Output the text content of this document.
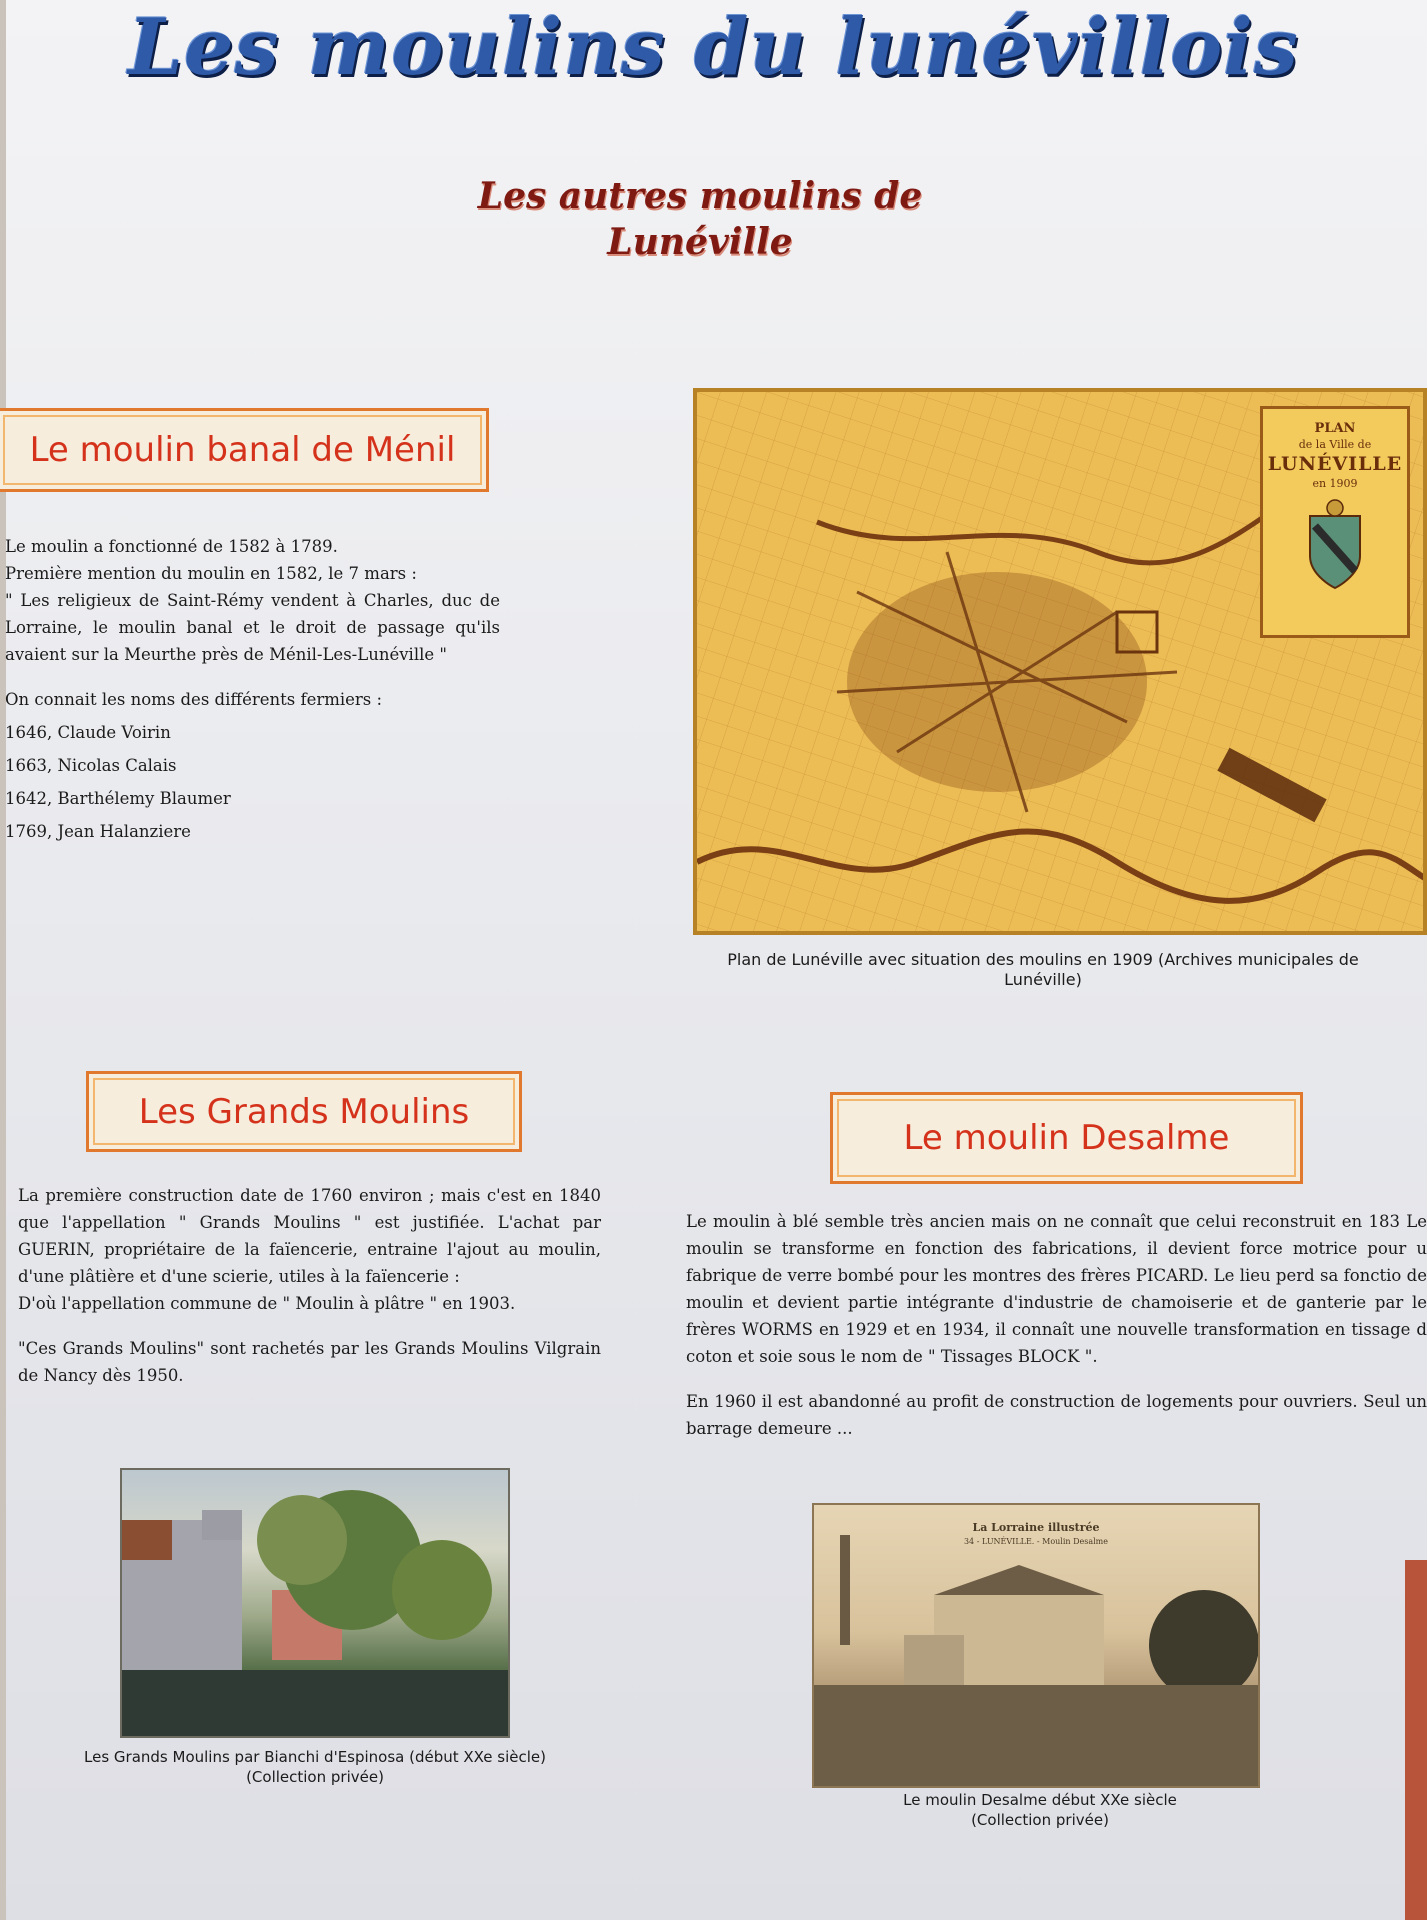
Les moulins du lunévillois
Les autres moulins de
Lunéville
Le moulin banal de Ménil

Le moulin a fonctionné de 1582 à 1789.

Première mention du moulin en 1582, le 7 mars :

" Les religieux de Saint-Rémy vendent à Charles, duc de Lorraine, le moulin banal et le droit de passage qu'ils avaient sur la Meurthe près de Ménil-Les-Lunéville "

On connait les noms des différents fermiers :

1646, Claude Voirin

1663, Nicolas Calais

1642, Barthélemy Blaumer

1769, Jean Halanziere

PLAN
de la Ville de
LUNÉVILLE
en 1909
Plan de Lunéville avec situation des moulins en 1909 (Archives municipales de Lunéville)
Les Grands Moulins

La première construction date de 1760 environ ; mais c'est en 1840 que l'appellation " Grands Moulins " est justifiée. L'achat par GUERIN, propriétaire de la faïencerie, entraine l'ajout au moulin, d'une plâtière et d'une scierie, utiles à la faïencerie :

D'où l'appellation commune de " Moulin à plâtre " en 1903.

"Ces Grands Moulins" sont rachetés par les Grands Moulins Vilgrain de Nancy dès 1950.

Les Grands Moulins par Bianchi d'Espinosa (début XXe siècle)
(Collection privée)
Le moulin Desalme

Le moulin à blé semble très ancien mais on ne connaît que celui reconstruit en 183 Le moulin se transforme en fonction des fabrications, il devient force motrice pour u fabrique de verre bombé pour les montres des frères PICARD. Le lieu perd sa fonctio de moulin et devient partie intégrante d'industrie de chamoiserie et de ganterie par le frères WORMS en 1929 et en 1934, il connaît une nouvelle transformation en tissage d coton et soie sous le nom de " Tissages BLOCK ".

En 1960 il est abandonné au profit de construction de logements pour ouvriers. Seul un barrage demeure ...

La Lorraine illustrée
34 - LUNÉVILLE. - Moulin Desalme
Le moulin Desalme début XXe siècle
(Collection privée)
